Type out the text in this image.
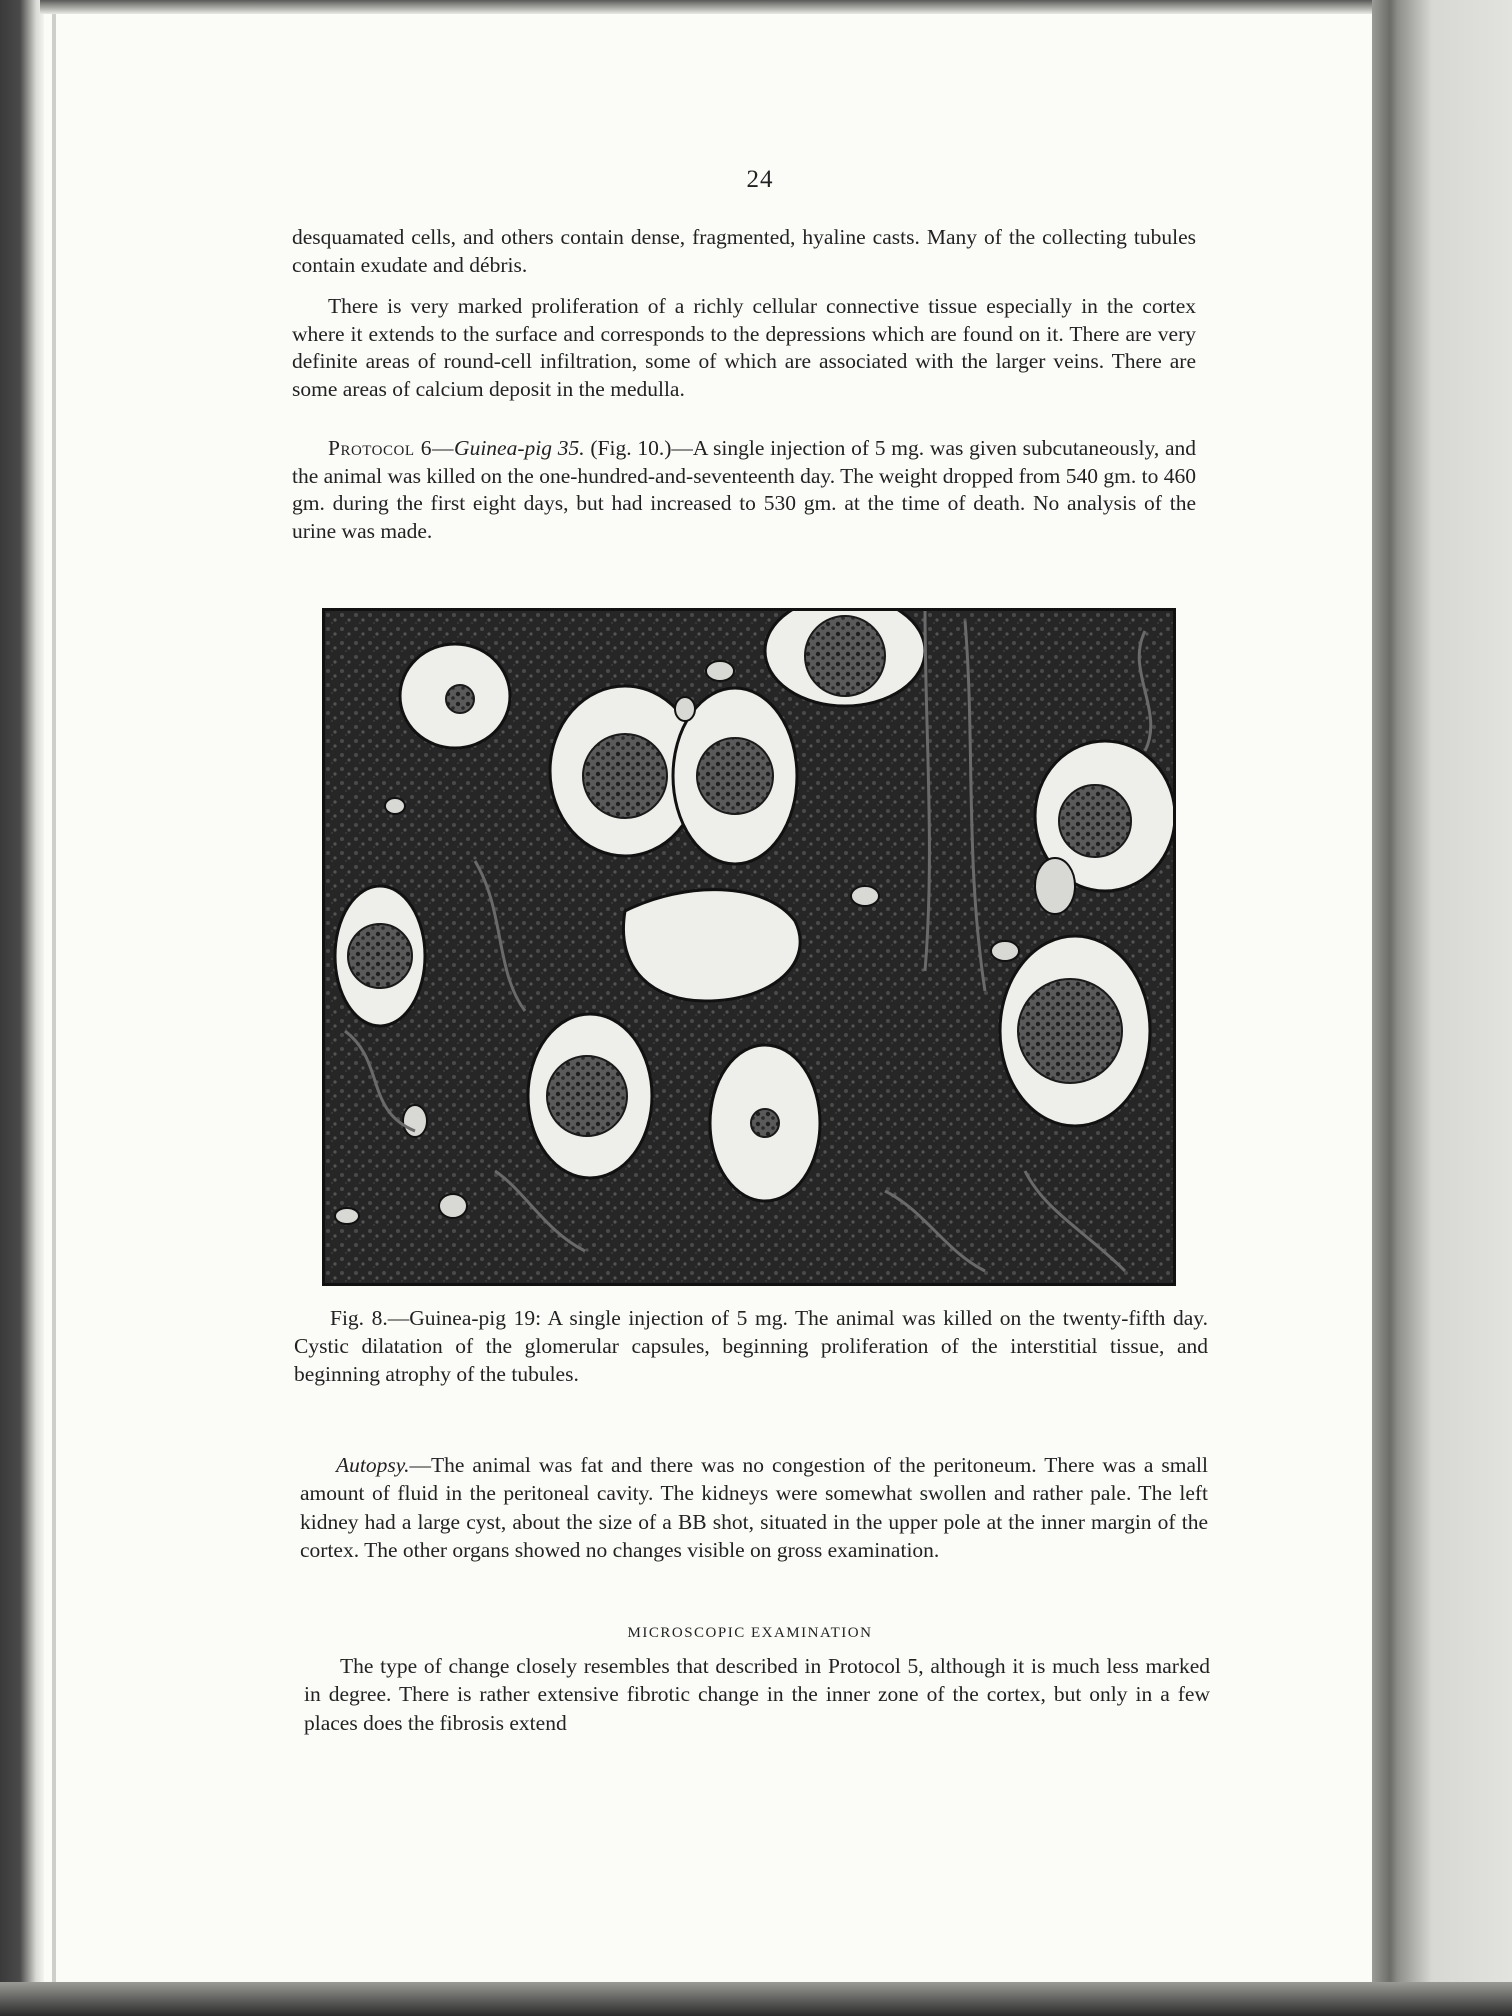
24

desquamated cells, and others contain dense, fragmented, hyaline casts. Many of the collecting tubules contain exudate and débris.

There is very marked proliferation of a richly cellular connective tissue especially in the cortex where it extends to the surface and corresponds to the depressions which are found on it. There are very definite areas of round-cell infiltration, some of which are associated with the larger veins. There are some areas of calcium deposit in the medulla.

Protocol 6—Guinea-pig 35. (Fig. 10.)—A single injection of 5 mg. was given subcutaneously, and the animal was killed on the one-hundred-and-seventeenth day. The weight dropped from 540 gm. to 460 gm. during the first eight days, but had increased to 530 gm. at the time of death. No analysis of the urine was made.

Fig. 8.—Guinea-pig 19: A single injection of 5 mg. The animal was killed on the twenty-fifth day. Cystic dilatation of the glomerular capsules, beginning proliferation of the interstitial tissue, and beginning atrophy of the tubules.

Autopsy.—The animal was fat and there was no congestion of the peritoneum. There was a small amount of fluid in the peritoneal cavity. The kidneys were somewhat swollen and rather pale. The left kidney had a large cyst, about the size of a BB shot, situated in the upper pole at the inner margin of the cortex. The other organs showed no changes visible on gross examination.

MICROSCOPIC EXAMINATION

The type of change closely resembles that described in Protocol 5, although it is much less marked in degree. There is rather extensive fibrotic change in the inner zone of the cortex, but only in a few places does the fibrosis extend
